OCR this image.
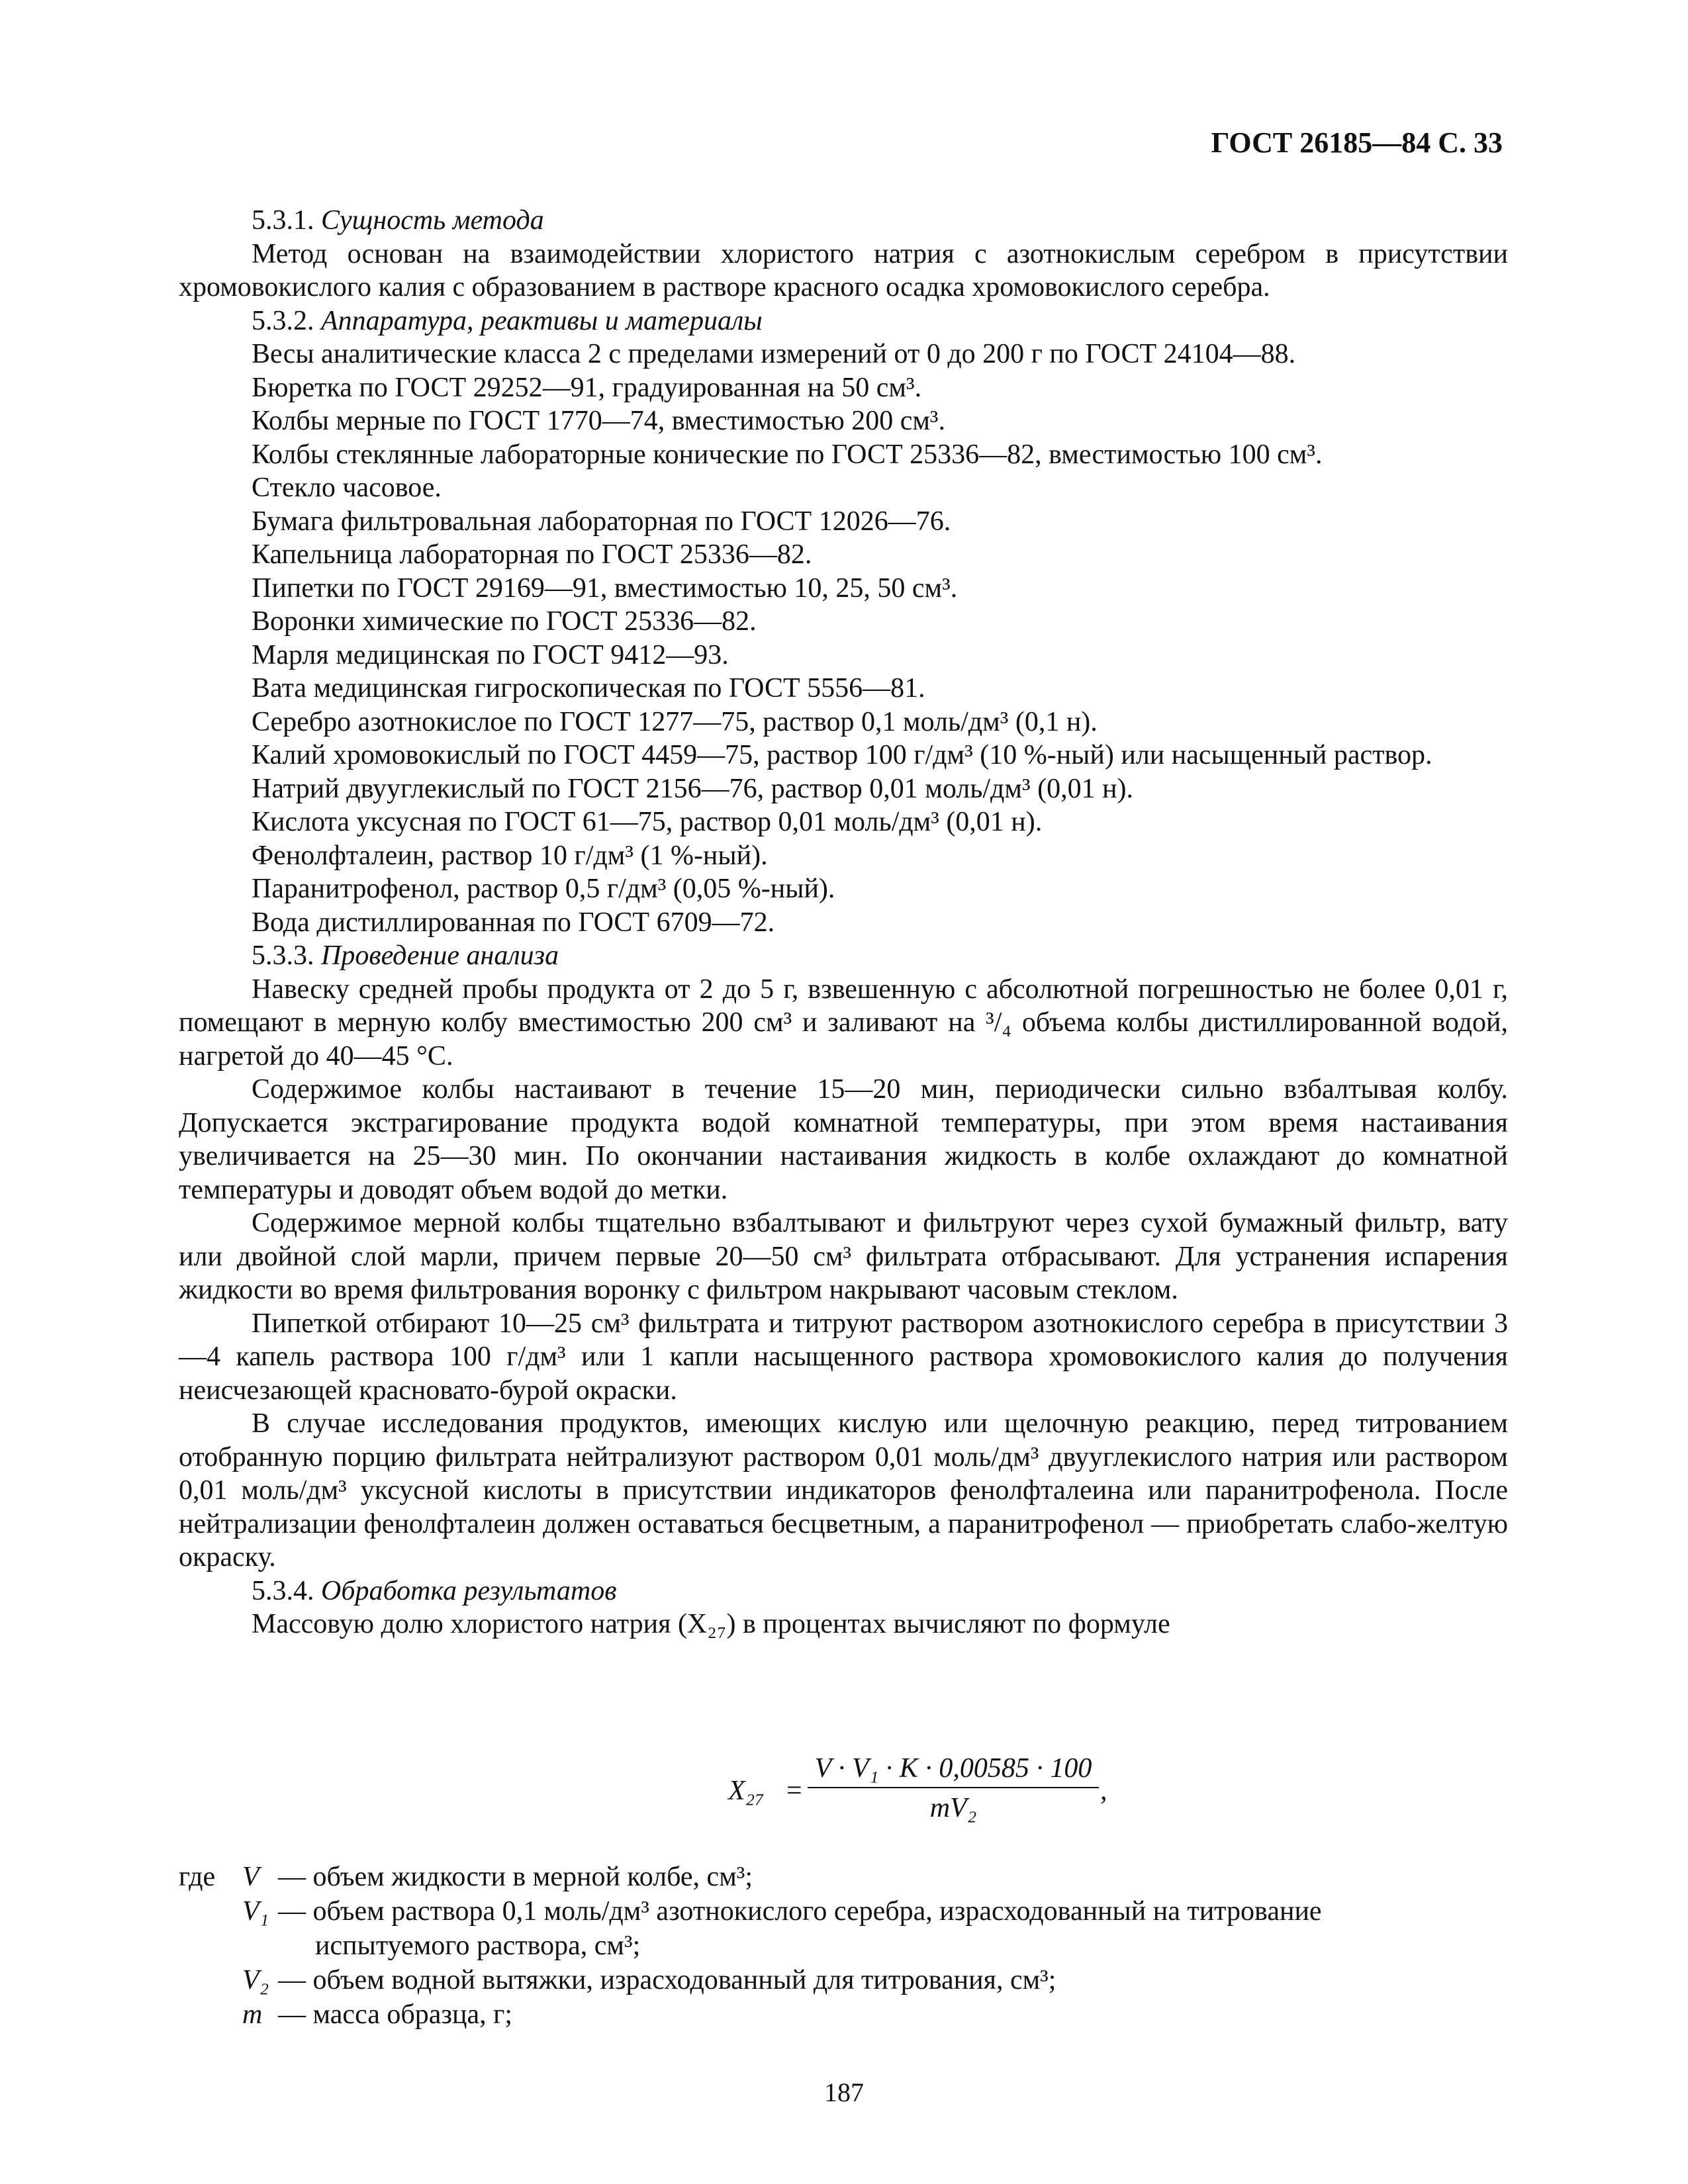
ГОСТ 26185—84 С. 33

5.3.1. Сущность метода

Метод основан на взаимодействии хлористого натрия с азотнокислым серебром в присутствии хромовокислого калия с образованием в растворе красного осадка хромовокислого серебра.

5.3.2. Аппаратура, реактивы и материалы

Весы аналитические класса 2 с пределами измерений от 0 до 200 г по ГОСТ 24104—88.

Бюретка по ГОСТ 29252—91, градуированная на 50 см³.

Колбы мерные по ГОСТ 1770—74, вместимостью 200 см³.

Колбы стеклянные лабораторные конические по ГОСТ 25336—82, вместимостью 100 см³.

Стекло часовое.

Бумага фильтровальная лабораторная по ГОСТ 12026—76.

Капельница лабораторная по ГОСТ 25336—82.

Пипетки по ГОСТ 29169—91, вместимостью 10, 25, 50 см³.

Воронки химические по ГОСТ 25336—82.

Марля медицинская по ГОСТ 9412—93.

Вата медицинская гигроскопическая по ГОСТ 5556—81.

Серебро азотнокислое по ГОСТ 1277—75, раствор 0,1 моль/дм³ (0,1 н).

Калий хромовокислый по ГОСТ 4459—75, раствор 100 г/дм³ (10 %-ный) или насыщенный раствор.

Натрий двууглекислый по ГОСТ 2156—76, раствор 0,01 моль/дм³ (0,01 н).

Кислота уксусная по ГОСТ 61—75, раствор 0,01 моль/дм³ (0,01 н).

Фенолфталеин, раствор 10 г/дм³ (1 %-ный).

Паранитрофенол, раствор 0,5 г/дм³ (0,05 %-ный).

Вода дистиллированная по ГОСТ 6709—72.

5.3.3. Проведение анализа

Навеску средней пробы продукта от 2 до 5 г, взвешенную с абсолютной погрешностью не более 0,01 г, помещают в мерную колбу вместимостью 200 см³ и заливают на ³/₄ объема колбы дистиллированной водой, нагретой до 40—45 °С.

Содержимое колбы настаивают в течение 15—20 мин, периодически сильно взбалтывая колбу. Допускается экстрагирование продукта водой комнатной температуры, при этом время настаивания увеличивается на 25—30 мин. По окончании настаивания жидкость в колбе охлаждают до комнатной температуры и доводят объем водой до метки.

Содержимое мерной колбы тщательно взбалтывают и фильтруют через сухой бумажный фильтр, вату или двойной слой марли, причем первые 20—50 см³ фильтрата отбрасывают. Для устранения испарения жидкости во время фильтрования воронку с фильтром накрывают часовым стеклом.

Пипеткой отбирают 10—25 см³ фильтрата и титруют раствором азотнокислого серебра в присутствии 3—4 капель раствора 100 г/дм³ или 1 капли насыщенного раствора хромовокислого калия до получения неисчезающей красновато-бурой окраски.

В случае исследования продуктов, имеющих кислую или щелочную реакцию, перед титрованием отобранную порцию фильтрата нейтрализуют раствором 0,01 моль/дм³ двууглекислого натрия или раствором 0,01 моль/дм³ уксусной кислоты в присутствии индикаторов фенолфталеина или паранитрофенола. После нейтрализации фенолфталеин должен оставаться бесцветным, а паранитрофенол — приобретать слабо-желтую окраску.

5.3.4. Обработка результатов

Массовую долю хлористого натрия (X₂₇) в процентах вычисляют по формуле

X₂₇ =
V · V₁ · K · 0,00585 · 100
mV₂
,
где V — объем жидкости в мерной колбе, см³;
V₁ — объем раствора 0,1 моль/дм³ азотнокислого серебра, израсходованный на титрование
испытуемого раствора, см³;
V₂ — объем водной вытяжки, израсходованный для титрования, см³;
m — масса образца, г;
187
